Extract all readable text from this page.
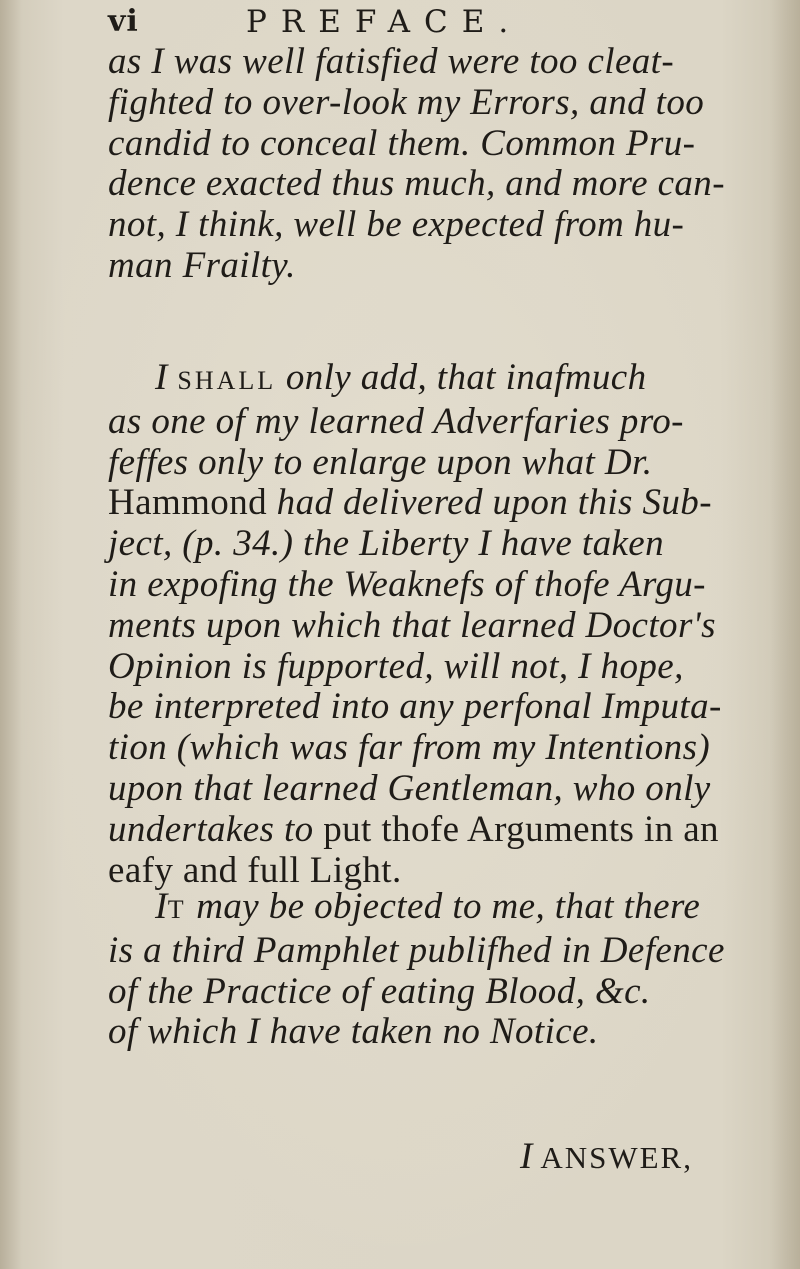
vi	PREFACE.

as I was well fatisfied were too cleat-
fighted to over-look my Errors, and too
candid to conceal them. Common Pru-
dence exacted thus much, and more can-
not, I think, well be expected from hu-
man Frailty.

I SHALL only add, that inafmuch
as one of my learned Adverfaries pro-
feffes only to enlarge upon what Dr.
Hammond had delivered upon this Sub-
ject, (p. 34.) the Liberty I have taken
in expofing the Weaknefs of thofe Argu-
ments upon which that learned Doctor's
Opinion is fupported, will not, I hope,
be interpreted into any perfonal Imputa-
tion (which was far from my Intentions)
upon that learned Gentleman, who only
undertakes to put thofe Arguments in an
eafy and full Light.

IT may be objected to me, that there
is a third Pamphlet publifhed in Defence
of the Practice of eating Blood, &c.
of which I have taken no Notice.

I ANSWER,
